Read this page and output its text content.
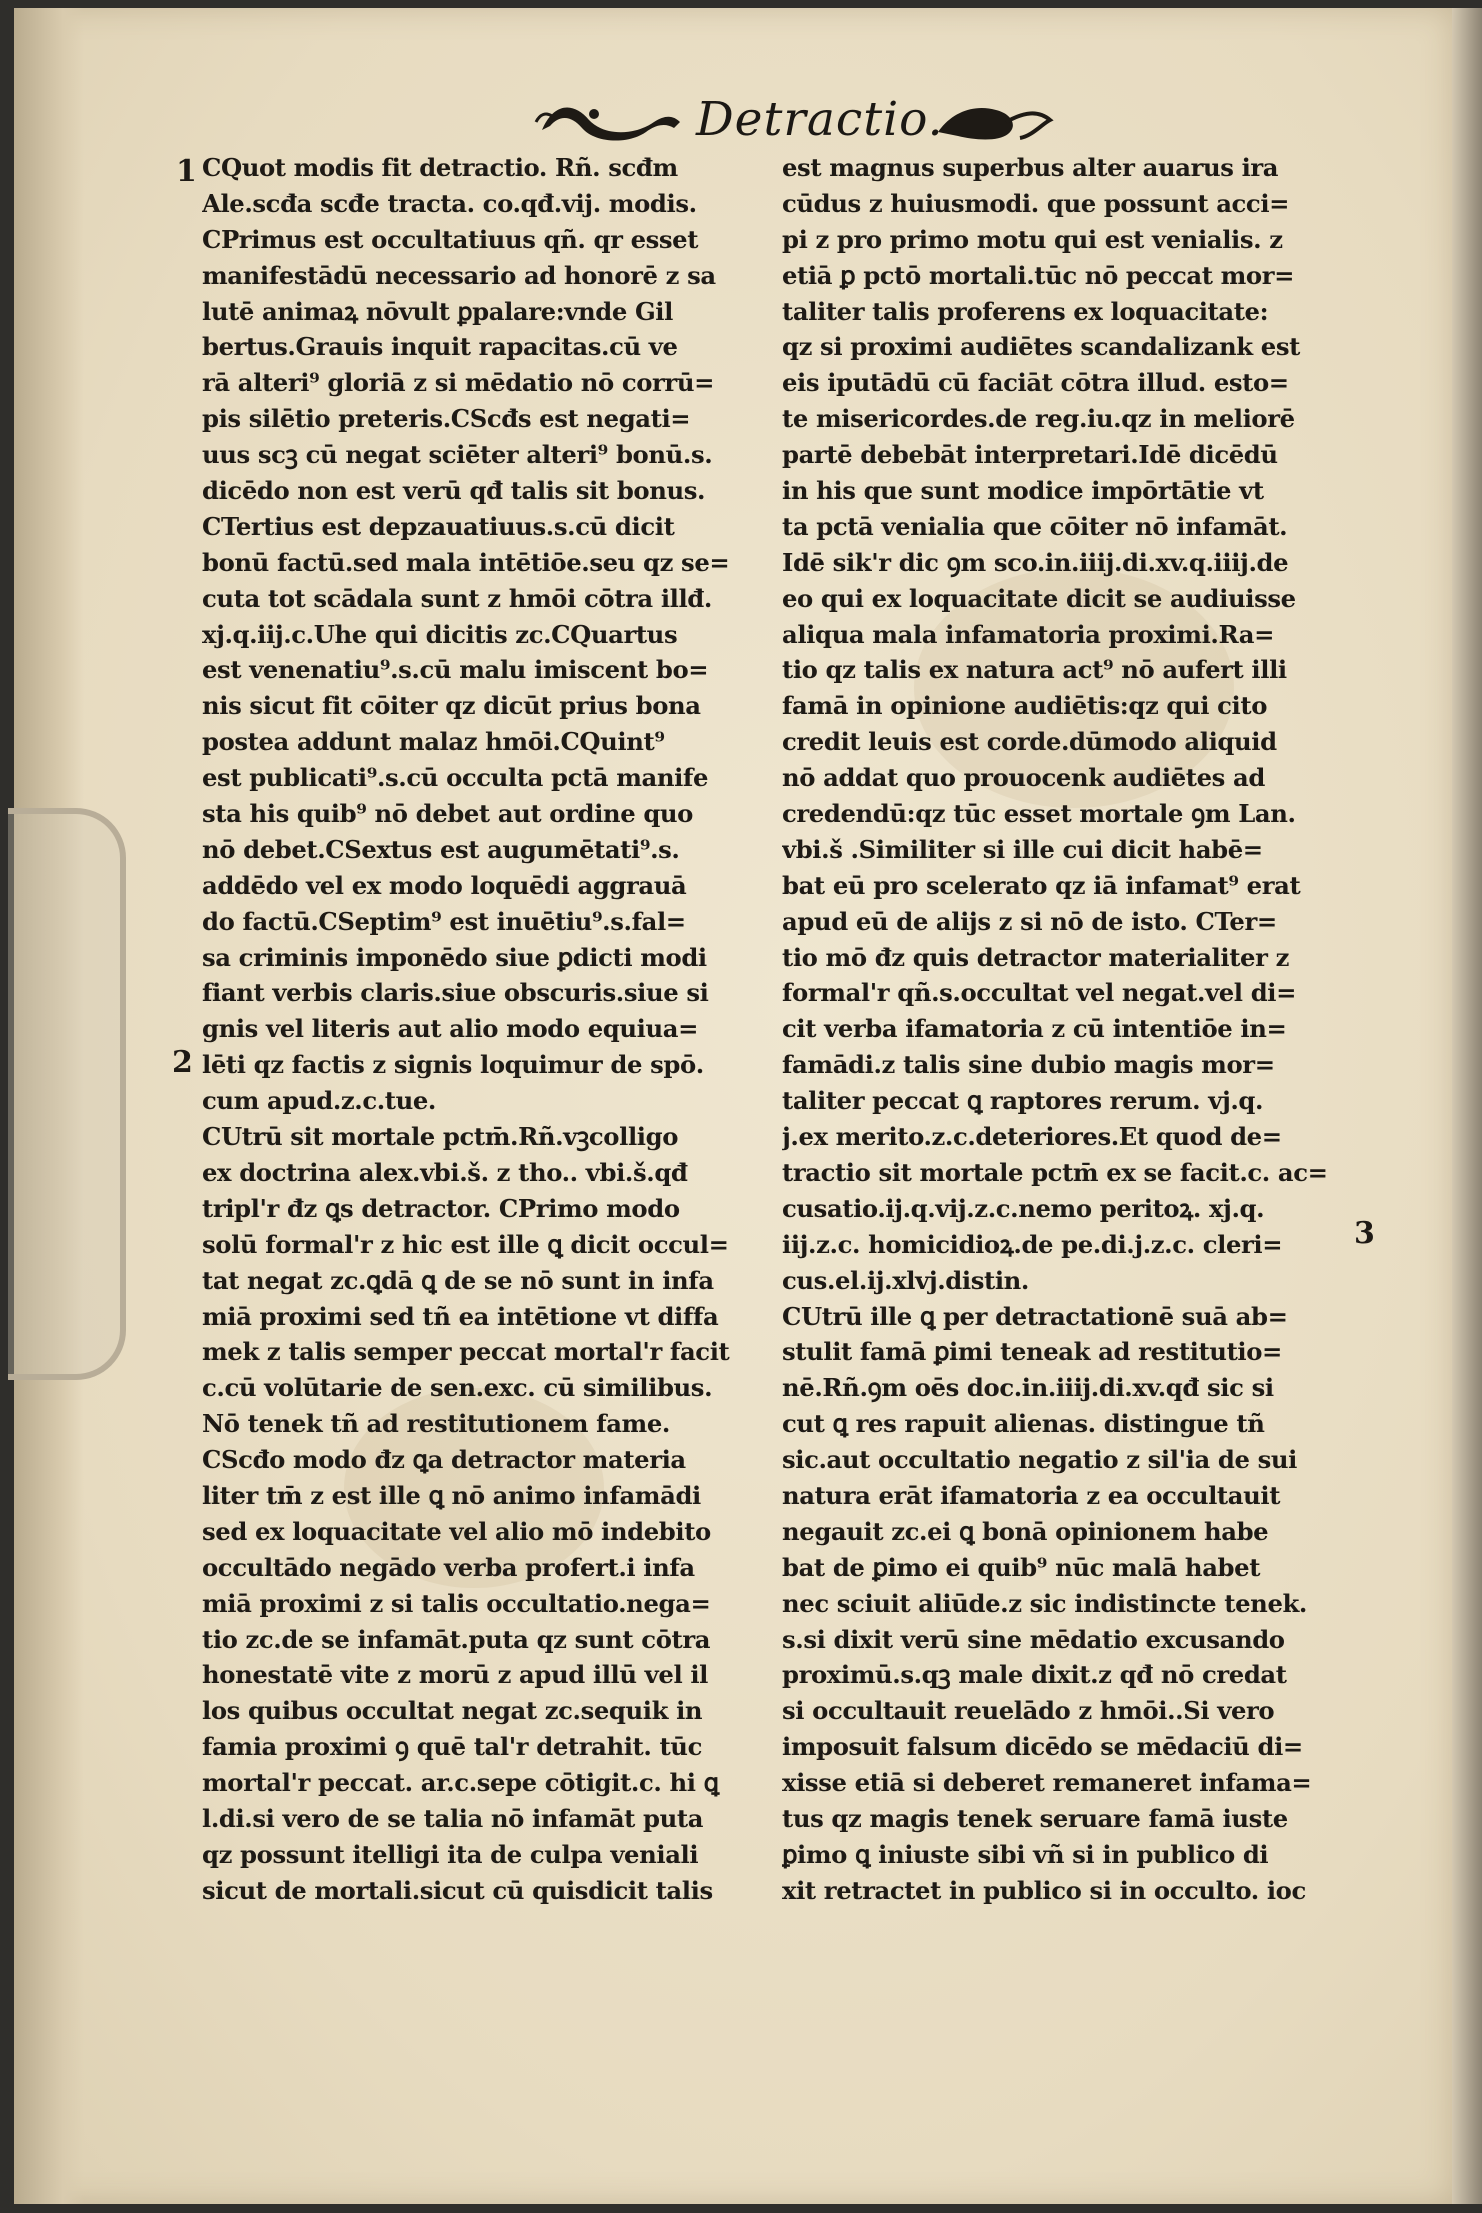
Detractio.
1
2
3
CQuot modis fit detractio. Rñ. scđm
Ale.scđa scđe tracta. co.qđ.vij. modis.
CPrimus est occultatiuus qñ. qr esset
manifestādū necessario ad honorē z sa
lutē animaꝝ nōvult ꝑpalare:vnde Gil
bertus.Grauis inquit rapacitas.cū ve
rā alteri⁹ gloriā z si mēdatio nō corrū=
pis silētio preteris.CScđs est negati=
uus scꝫ cū negat sciēter alteri⁹ bonū.s.
dicēdo non est verū qđ talis sit bonus.
CTertius est depzauatiuus.s.cū dicit
bonū factū.sed mala intētiōe.seu qz se=
cuta tot scādala sunt z hmōi cōtra illđ.
xj.q.iij.c.Uhe qui dicitis zc.CQuartus
est venenatiu⁹.s.cū malu imiscent bo=
nis sicut fit cōiter qz dicūt prius bona
postea addunt malaz hmōi.CQuint⁹
est publicati⁹.s.cū occulta pctā manife
sta his quib⁹ nō debet aut ordine quo
nō debet.CSextus est augumētati⁹.s.
addēdo vel ex modo loquēdi aggrauā
do factū.CSeptim⁹ est inuētiu⁹.s.fal=
sa criminis imponēdo siue ꝑdicti modi
fiant verbis claris.siue obscuris.siue si
gnis vel literis aut alio modo equiua=
lēti qz factis z signis loquimur de spō.
cum apud.z.c.tue.
CUtrū sit mortale pctm̄.Rñ.vꝫcolligo
ex doctrina alex.vbi.š. z tho.. vbi.š.qđ
tripl'r đz ꝗs detractor. CPrimo modo
solū formal'r z hic est ille ꝗ dicit occul=
tat negat zc.ꝗdā ꝗ de se nō sunt in infa
miā proximi sed tñ ea intētione vt diffa
mek z talis semper peccat mortal'r facit
c.cū volūtarie de sen.exc. cū similibus.
Nō tenek tñ ad restitutionem fame.
CScđo modo đz ꝗa detractor materia
liter tm̄ z est ille ꝗ nō animo infamādi
sed ex loquacitate vel alio mō indebito
occultādo negādo verba profert.i infa
miā proximi z si talis occultatio.nega=
tio zc.de se infamāt.puta qz sunt cōtra
honestatē vite z morū z apud illū vel il
los quibus occultat negat zc.sequik in
famia proximi ꝯ quē tal'r detrahit. tūc
mortal'r peccat. ar.c.sepe cōtigit.c. hi ꝗ
l.di.si vero de se talia nō infamāt puta
qz possunt itelligi ita de culpa veniali
sicut de mortali.sicut cū quisdicit talis
est magnus superbus alter auarus ira
cūdus z huiusmodi. que possunt acci=
pi z pro primo motu qui est venialis. z
etiā ꝑ pctō mortali.tūc nō peccat mor=
taliter talis proferens ex loquacitate:
qz si proximi audiētes scandalizank est
eis iputādū cū faciāt cōtra illud. esto=
te misericordes.de reg.iu.qz in meliorē
partē debebāt interpretari.Idē dicēdū
in his que sunt modice impōrtātie vt
ta pctā venialia que cōiter nō infamāt.
Idē sik'r dic ꝯm sco.in.iiij.di.xv.q.iiij.de
eo qui ex loquacitate dicit se audiuisse
aliqua mala infamatoria proximi.Ra=
tio qz talis ex natura act⁹ nō aufert illi
famā in opinione audiētis:qz qui cito
credit leuis est corde.dūmodo aliquid
nō addat quo prouocenk audiētes ad
credendū:qz tūc esset mortale ꝯm Lan.
vbi.š .Similiter si ille cui dicit habē=
bat eū pro scelerato qz iā infamat⁹ erat
apud eū de alijs z si nō de isto. CTer=
tio mō đz quis detractor materialiter z
formal'r qñ.s.occultat vel negat.vel di=
cit verba ifamatoria z cū intentiōe in=
famādi.z talis sine dubio magis mor=
taliter peccat ꝗ raptores rerum. vj.q.
j.ex merito.z.c.deteriores.Et quod de=
tractio sit mortale pctm̄ ex se facit.c. ac=
cusatio.ij.q.vij.z.c.nemo peritoꝝ. xj.q.
iij.z.c. homicidioꝝ.de pe.di.j.z.c. cleri=
cus.el.ij.xlvj.distin.
CUtrū ille ꝗ per detractationē suā ab=
stulit famā ꝑimi teneak ad restitutio=
nē.Rñ.ꝯm oēs doc.in.iiij.di.xv.qđ sic si
cut ꝗ res rapuit alienas. distingue tñ
sic.aut occultatio negatio z sil'ia de sui
natura erāt ifamatoria z ea occultauit
negauit zc.ei ꝗ bonā opinionem habe
bat de ꝑimo ei quib⁹ nūc malā habet
nec sciuit aliūde.z sic indistincte tenek.
s.si dixit verū sine mēdatio excusando
proximū.s.qꝫ male dixit.z qđ nō credat
si occultauit reuelādo z hmōi..Si vero
imposuit falsum dicēdo se mēdaciū di=
xisse etiā si deberet remaneret infama=
tus qz magis tenek seruare famā iuste
ꝑimo ꝗ iniuste sibi vñ si in publico di
xit retractet in publico si in occulto. ioc
